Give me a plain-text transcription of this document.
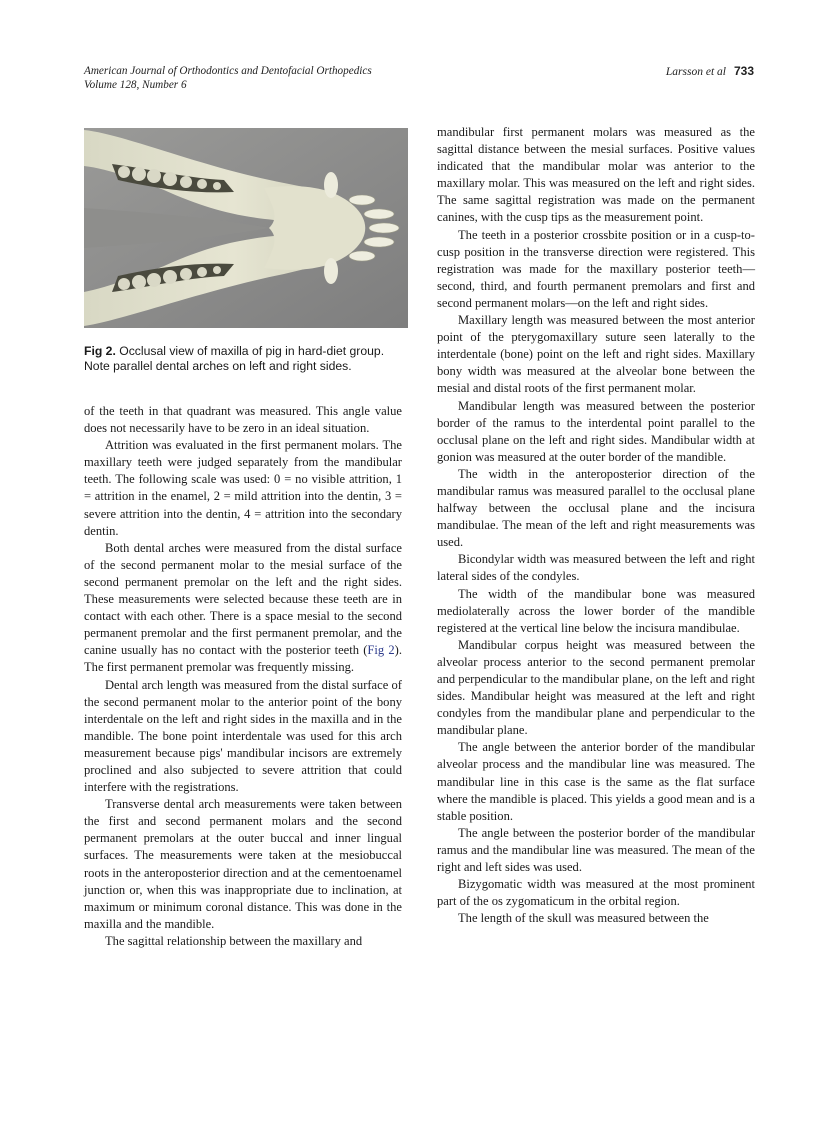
American Journal of Orthodontics and Dentofacial Orthopedics
Volume 128, Number 6
Larsson et al 733
Fig 2. Occlusal view of maxilla of pig in hard-diet group.
Note parallel dental arches on left and right sides.

of the teeth in that quadrant was measured. This angle value does not necessarily have to be zero in an ideal situation.

Attrition was evaluated in the first permanent molars. The maxillary teeth were judged separately from the mandibular teeth. The following scale was used: 0 = no visible attrition, 1 = attrition in the enamel, 2 = mild attrition into the dentin, 3 = severe attrition into the dentin, 4 = attrition into the secondary dentin.

Both dental arches were measured from the distal surface of the second permanent molar to the mesial surface of the second permanent premolar on the left and the right sides. These measurements were selected because these teeth are in contact with each other. There is a space mesial to the second permanent premolar and the first permanent premolar, and the canine usually has no contact with the posterior teeth (Fig 2). The first permanent premolar was frequently missing.

Dental arch length was measured from the distal surface of the second permanent molar to the anterior point of the bony interdentale on the left and right sides in the maxilla and in the mandible. The bone point interdentale was used for this arch measurement because pigs' mandibular incisors are extremely proclined and also subjected to severe attrition that could interfere with the registrations.

Transverse dental arch measurements were taken between the first and second permanent molars and the second permanent premolars at the outer buccal and inner lingual surfaces. The measurements were taken at the mesiobuccal roots in the anteroposterior direction and at the cementoenamel junction or, when this was inappropriate due to inclination, at maximum or minimum coronal distance. This was done in the maxilla and the mandible.

The sagittal relationship between the maxillary and

mandibular first permanent molars was measured as the sagittal distance between the mesial surfaces. Positive values indicated that the mandibular molar was anterior to the maxillary molar. This was measured on the left and right sides. The same sagittal registration was made on the permanent canines, with the cusp tips as the measurement point.

The teeth in a posterior crossbite position or in a cusp-to-cusp position in the transverse direction were registered. This registration was made for the maxillary posterior teeth—second, third, and fourth permanent premolars and first and second permanent molars—on the left and right sides.

Maxillary length was measured between the most anterior point of the pterygomaxillary suture seen laterally to the interdentale (bone) point on the left and right sides. Maxillary bony width was measured at the alveolar bone between the mesial and distal roots of the first permanent molar.

Mandibular length was measured between the posterior border of the ramus to the interdental point parallel to the occlusal plane on the left and right sides. Mandibular width at gonion was measured at the outer border of the mandible.

The width in the anteroposterior direction of the mandibular ramus was measured parallel to the occlusal plane halfway between the occlusal plane and the incisura mandibulae. The mean of the left and right measurements was used.

Bicondylar width was measured between the left and right lateral sides of the condyles.

The width of the mandibular bone was measured mediolaterally across the lower border of the mandible registered at the vertical line below the incisura mandibulae.

Mandibular corpus height was measured between the alveolar process anterior to the second permanent premolar and perpendicular to the mandibular plane, on the left and right sides. Mandibular height was measured at the left and right condyles from the mandibular plane and perpendicular to the mandibular plane.

The angle between the anterior border of the mandibular alveolar process and the mandibular line was measured. The mandibular line in this case is the same as the flat surface where the mandible is placed. This yields a good mean and is a stable position.

The angle between the posterior border of the mandibular ramus and the mandibular line was measured. The mean of the right and left sides was used.

Bizygomatic width was measured at the most prominent part of the os zygomaticum in the orbital region.

The length of the skull was measured between the
